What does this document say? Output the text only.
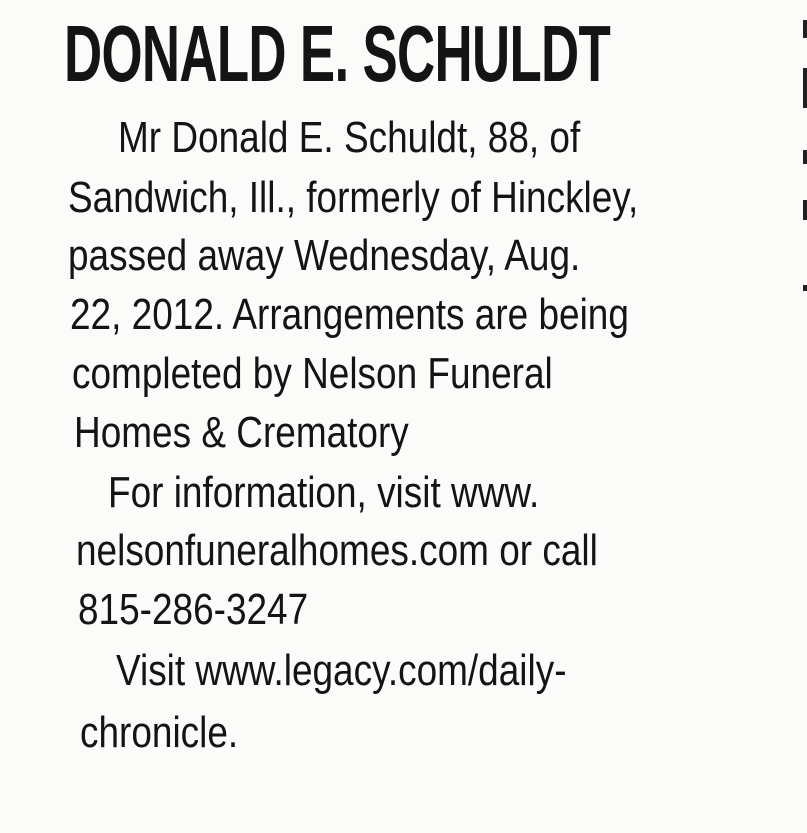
DONALD E. SCHULDT
Mr Donald E. Schuldt, 88, of
Sandwich, Ill., formerly of Hinckley,
passed away Wednesday, Aug.
22, 2012. Arrangements are being
completed by Nelson Funeral
Homes & Crematory
For information, visit www.
nelsonfuneralhomes.com or call
815-286-3247
Visit www.legacy.com/daily-
chronicle.
